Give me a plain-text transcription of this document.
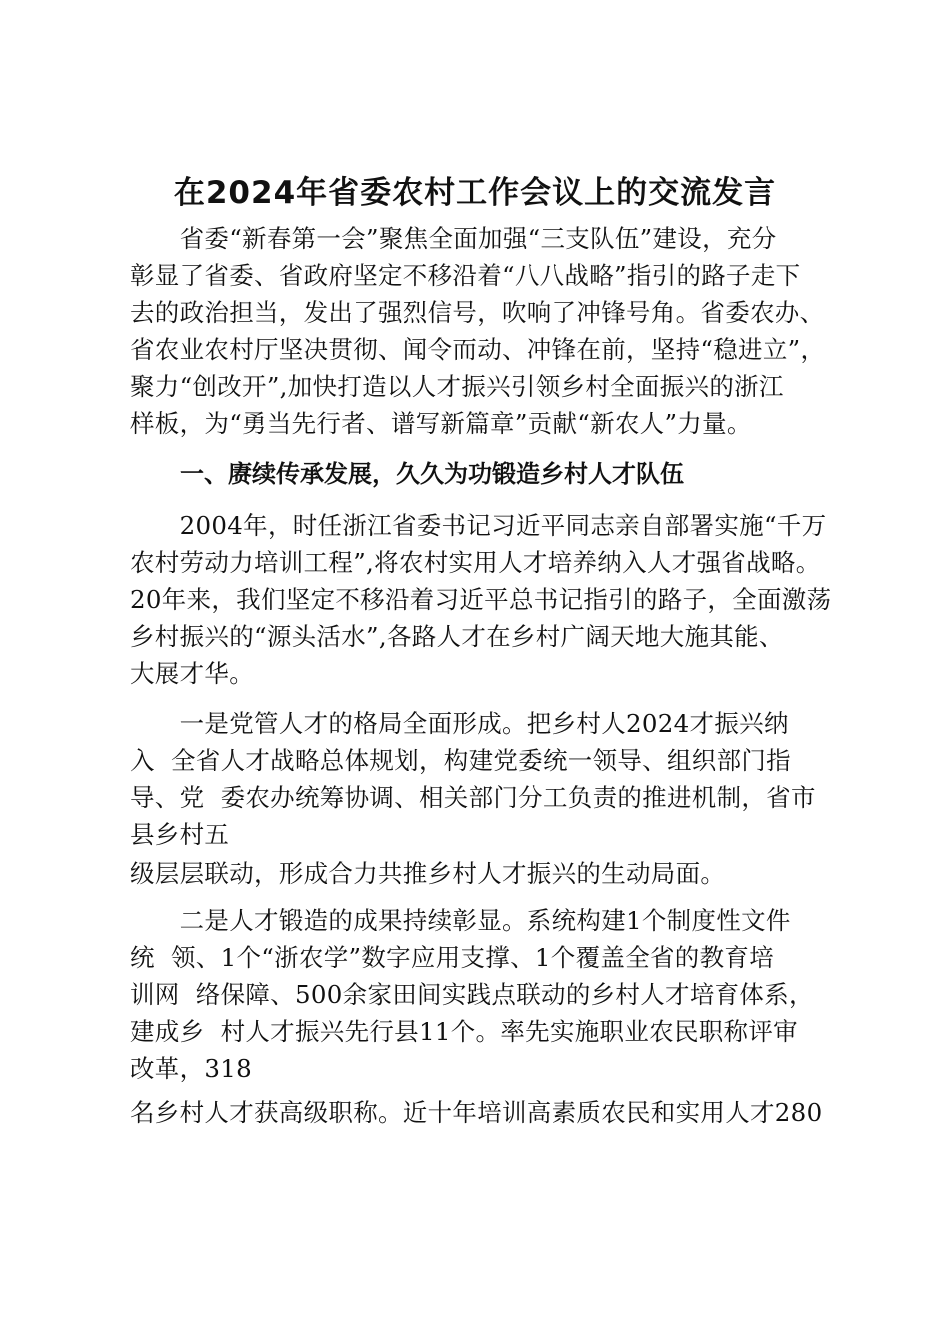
在2024年省委农村工作会议上的交流发言
　　省委“新春第一会”聚焦全面加强“三支队伍”建设，充分
彰显了省委、省政府坚定不移沿着“八八战略”指引的路子走下
去的政治担当，发出了强烈信号，吹响了冲锋号角。省委农办、
省农业农村厅坚决贯彻、闻令而动、冲锋在前，坚持“稳进立”，
聚力“创改开”,加快打造以人才振兴引领乡村全面振兴的浙江
样板，为“勇当先行者、谱写新篇章”贡献“新农人”力量。
一、赓续传承发展，久久为功锻造乡村人才队伍
　　2004年，时任浙江省委书记习近平同志亲自部署实施“千万
农村劳动力培训工程”,将农村实用人才培养纳入人才强省战略。
20年来，我们坚定不移沿着习近平总书记指引的路子，全面激荡
乡村振兴的“源头活水”,各路人才在乡村广阔天地大施其能、
大展才华。
　　一是党管人才的格局全面形成。把乡村人2024才振兴纳
入  全省人才战略总体规划，构建党委统一领导、组织部门指
导、党  委农办统筹协调、相关部门分工负责的推进机制，省市
县乡村五
级层层联动，形成合力共推乡村人才振兴的生动局面。
　　二是人才锻造的成果持续彰显。系统构建1个制度性文件
统  领、1个“浙农学”数字应用支撑、1个覆盖全省的教育培
训网  络保障、500余家田间实践点联动的乡村人才培育体系，
建成乡  村人才振兴先行县11个。率先实施职业农民职称评审
改革，318
名乡村人才获高级职称。近十年培训高素质农民和实用人才280
